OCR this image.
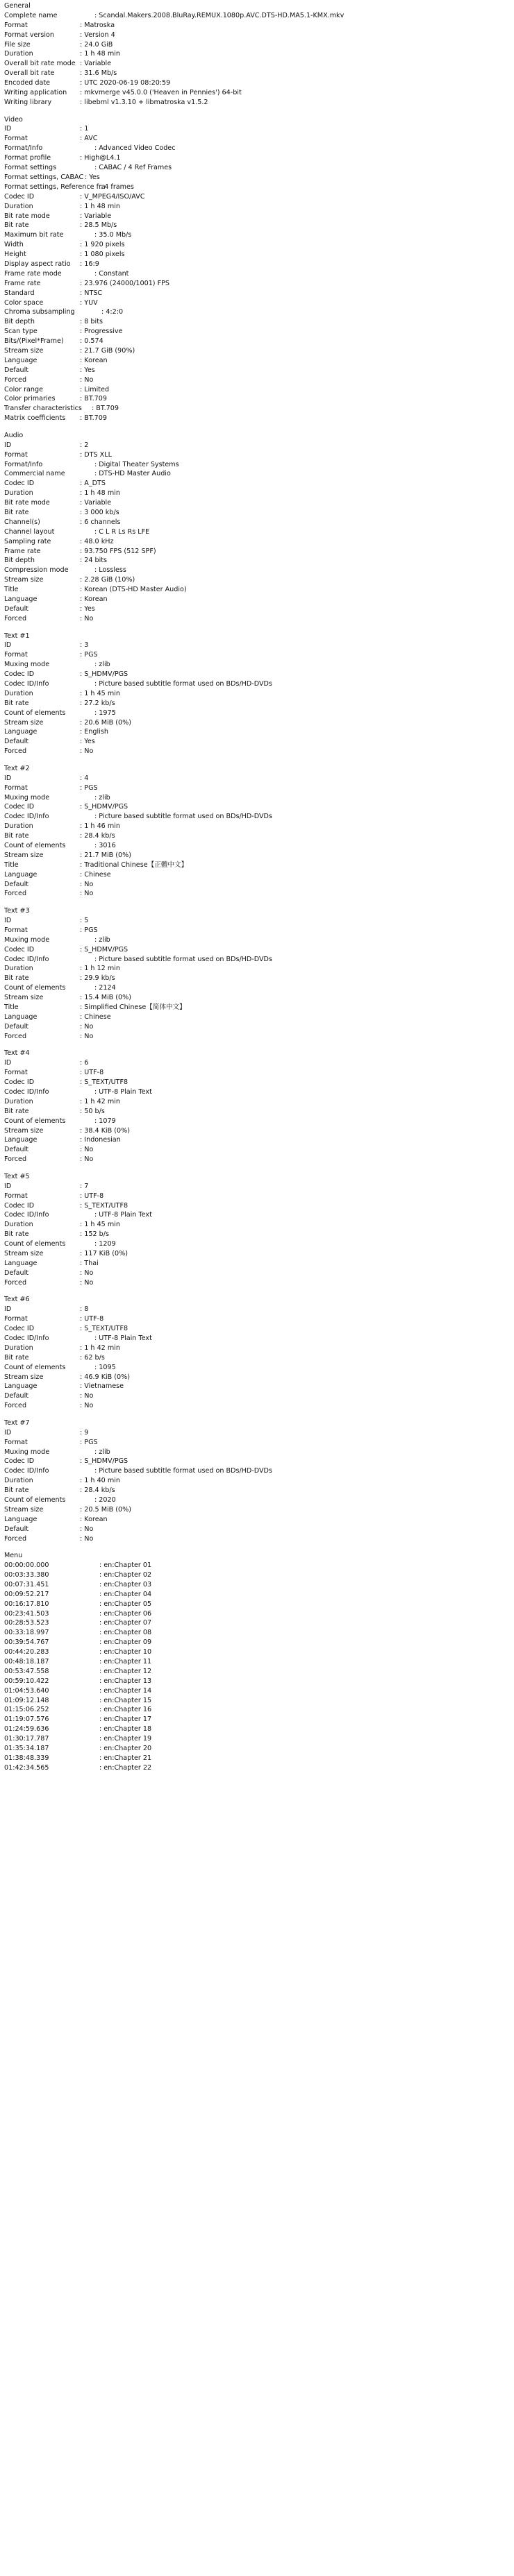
General
Complete name	: Scandal.Makers.2008.BluRay.REMUX.1080p.AVC.DTS-HD.MA5.1-KMX.mkv
Format	: Matroska
Format version	: Version 4
File size	: 24.0 GiB
Duration	: 1 h 48 min
Overall bit rate mode : Variable
Overall bit rate	: 31.6 Mb/s
Encoded date	: UTC 2020-06-19 08:20:59
Writing application : mkvmerge v45.0.0 ('Heaven in Pennies') 64-bit
Writing library	: libebml v1.3.10 + libmatroska v1.5.2
Video
ID	: 1
Format	: AVC
Format/Info	: Advanced Video Codec
Format profile	: High@L4.1
Format settings	: CABAC / 4 Ref Frames
Format settings, CABAC : Yes
Format settings, Reference fra
: 4 frames
Codec ID	: V_MPEG4/ISO/AVC
Duration	: 1 h 48 min
Bit rate mode	: Variable
Bit rate	: 28.5 Mb/s
Maximum bit rate	: 35.0 Mb/s
Width	: 1 920 pixels
Height	: 1 080 pixels
Display aspect ratio : 16:9
Frame rate mode	: Constant
Frame rate	: 23.976 (24000/1001) FPS
Standard	: NTSC
Color space	: YUV
Chroma subsampling	: 4:2:0
Bit depth	: 8 bits
Scan type	: Progressive
Bits/(Pixel*Frame) : 0.574
Stream size	: 21.7 GiB (90%)
Language	: Korean
Default	: Yes
Forced	: No
Color range	: Limited
Color primaries	: BT.709
Transfer characteristics : BT.709
Matrix coefficients : BT.709
Audio
ID	: 2
Format	: DTS XLL
Format/Info	: Digital Theater Systems
Commercial name	: DTS-HD Master Audio
Codec ID	: A_DTS
Duration	: 1 h 48 min
Bit rate mode	: Variable
Bit rate	: 3 000 kb/s
Channel(s)	: 6 channels
Channel layout	: C L R Ls Rs LFE
Sampling rate	: 48.0 kHz
Frame rate	: 93.750 FPS (512 SPF)
Bit depth	: 24 bits
Compression mode	: Lossless
Stream size	: 2.28 GiB (10%)
Title	: Korean (DTS-HD Master Audio)
Language	: Korean
Default	: Yes
Forced	: No
Text #1
ID	: 3
Format	: PGS
Muxing mode	: zlib
Codec ID	: S_HDMV/PGS
Codec ID/Info	: Picture based subtitle format used on BDs/HD-DVDs
Duration	: 1 h 45 min
Bit rate	: 27.2 kb/s
Count of elements	: 1975
Stream size	: 20.6 MiB (0%)
Language	: English
Default	: Yes
Forced	: No
Text #2
ID	: 4
Format	: PGS
Muxing mode	: zlib
Codec ID	: S_HDMV/PGS
Codec ID/Info	: Picture based subtitle format used on BDs/HD-DVDs
Duration	: 1 h 46 min
Bit rate	: 28.4 kb/s
Count of elements	: 3016
Stream size	: 21.7 MiB (0%)
Title	: Traditional Chinese【正體中文】
Language	: Chinese
Default	: No
Forced	: No
Text #3
ID	: 5
Format	: PGS
Muxing mode	: zlib
Codec ID	: S_HDMV/PGS
Codec ID/Info	: Picture based subtitle format used on BDs/HD-DVDs
Duration	: 1 h 12 min
Bit rate	: 29.9 kb/s
Count of elements	: 2124
Stream size	: 15.4 MiB (0%)
Title	: Simplified Chinese【简体中文】
Language	: Chinese
Default	: No
Forced	: No
Text #4
ID	: 6
Format	: UTF-8
Codec ID	: S_TEXT/UTF8
Codec ID/Info	: UTF-8 Plain Text
Duration	: 1 h 42 min
Bit rate	: 50 b/s
Count of elements	: 1079
Stream size	: 38.4 KiB (0%)
Language	: Indonesian
Default	: No
Forced	: No
Text #5
ID	: 7
Format	: UTF-8
Codec ID	: S_TEXT/UTF8
Codec ID/Info	: UTF-8 Plain Text
Duration	: 1 h 45 min
Bit rate	: 152 b/s
Count of elements	: 1209
Stream size	: 117 KiB (0%)
Language	: Thai
Default	: No
Forced	: No
Text #6
ID	: 8
Format	: UTF-8
Codec ID	: S_TEXT/UTF8
Codec ID/Info	: UTF-8 Plain Text
Duration	: 1 h 42 min
Bit rate	: 62 b/s
Count of elements	: 1095
Stream size	: 46.9 KiB (0%)
Language	: Vietnamese
Default	: No
Forced	: No
Text #7
ID	: 9
Format	: PGS
Muxing mode	: zlib
Codec ID	: S_HDMV/PGS
Codec ID/Info	: Picture based subtitle format used on BDs/HD-DVDs
Duration	: 1 h 40 min
Bit rate	: 28.4 kb/s
Count of elements	: 2020
Stream size	: 20.5 MiB (0%)
Language	: Korean
Default	: No
Forced	: No
Menu
00:00:00.000	: en:Chapter 01
00:03:33.380	: en:Chapter 02
00:07:31.451	: en:Chapter 03
00:09:52.217	: en:Chapter 04
00:16:17.810	: en:Chapter 05
00:23:41.503	: en:Chapter 06
00:28:53.523	: en:Chapter 07
00:33:18.997	: en:Chapter 08
00:39:54.767	: en:Chapter 09
00:44:20.283	: en:Chapter 10
00:48:18.187	: en:Chapter 11
00:53:47.558	: en:Chapter 12
00:59:10.422	: en:Chapter 13
01:04:53.640	: en:Chapter 14
01:09:12.148	: en:Chapter 15
01:15:06.252	: en:Chapter 16
01:19:07.576	: en:Chapter 17
01:24:59.636	: en:Chapter 18
01:30:17.787	: en:Chapter 19
01:35:34.187	: en:Chapter 20
01:38:48.339	: en:Chapter 21
01:42:34.565	: en:Chapter 22
